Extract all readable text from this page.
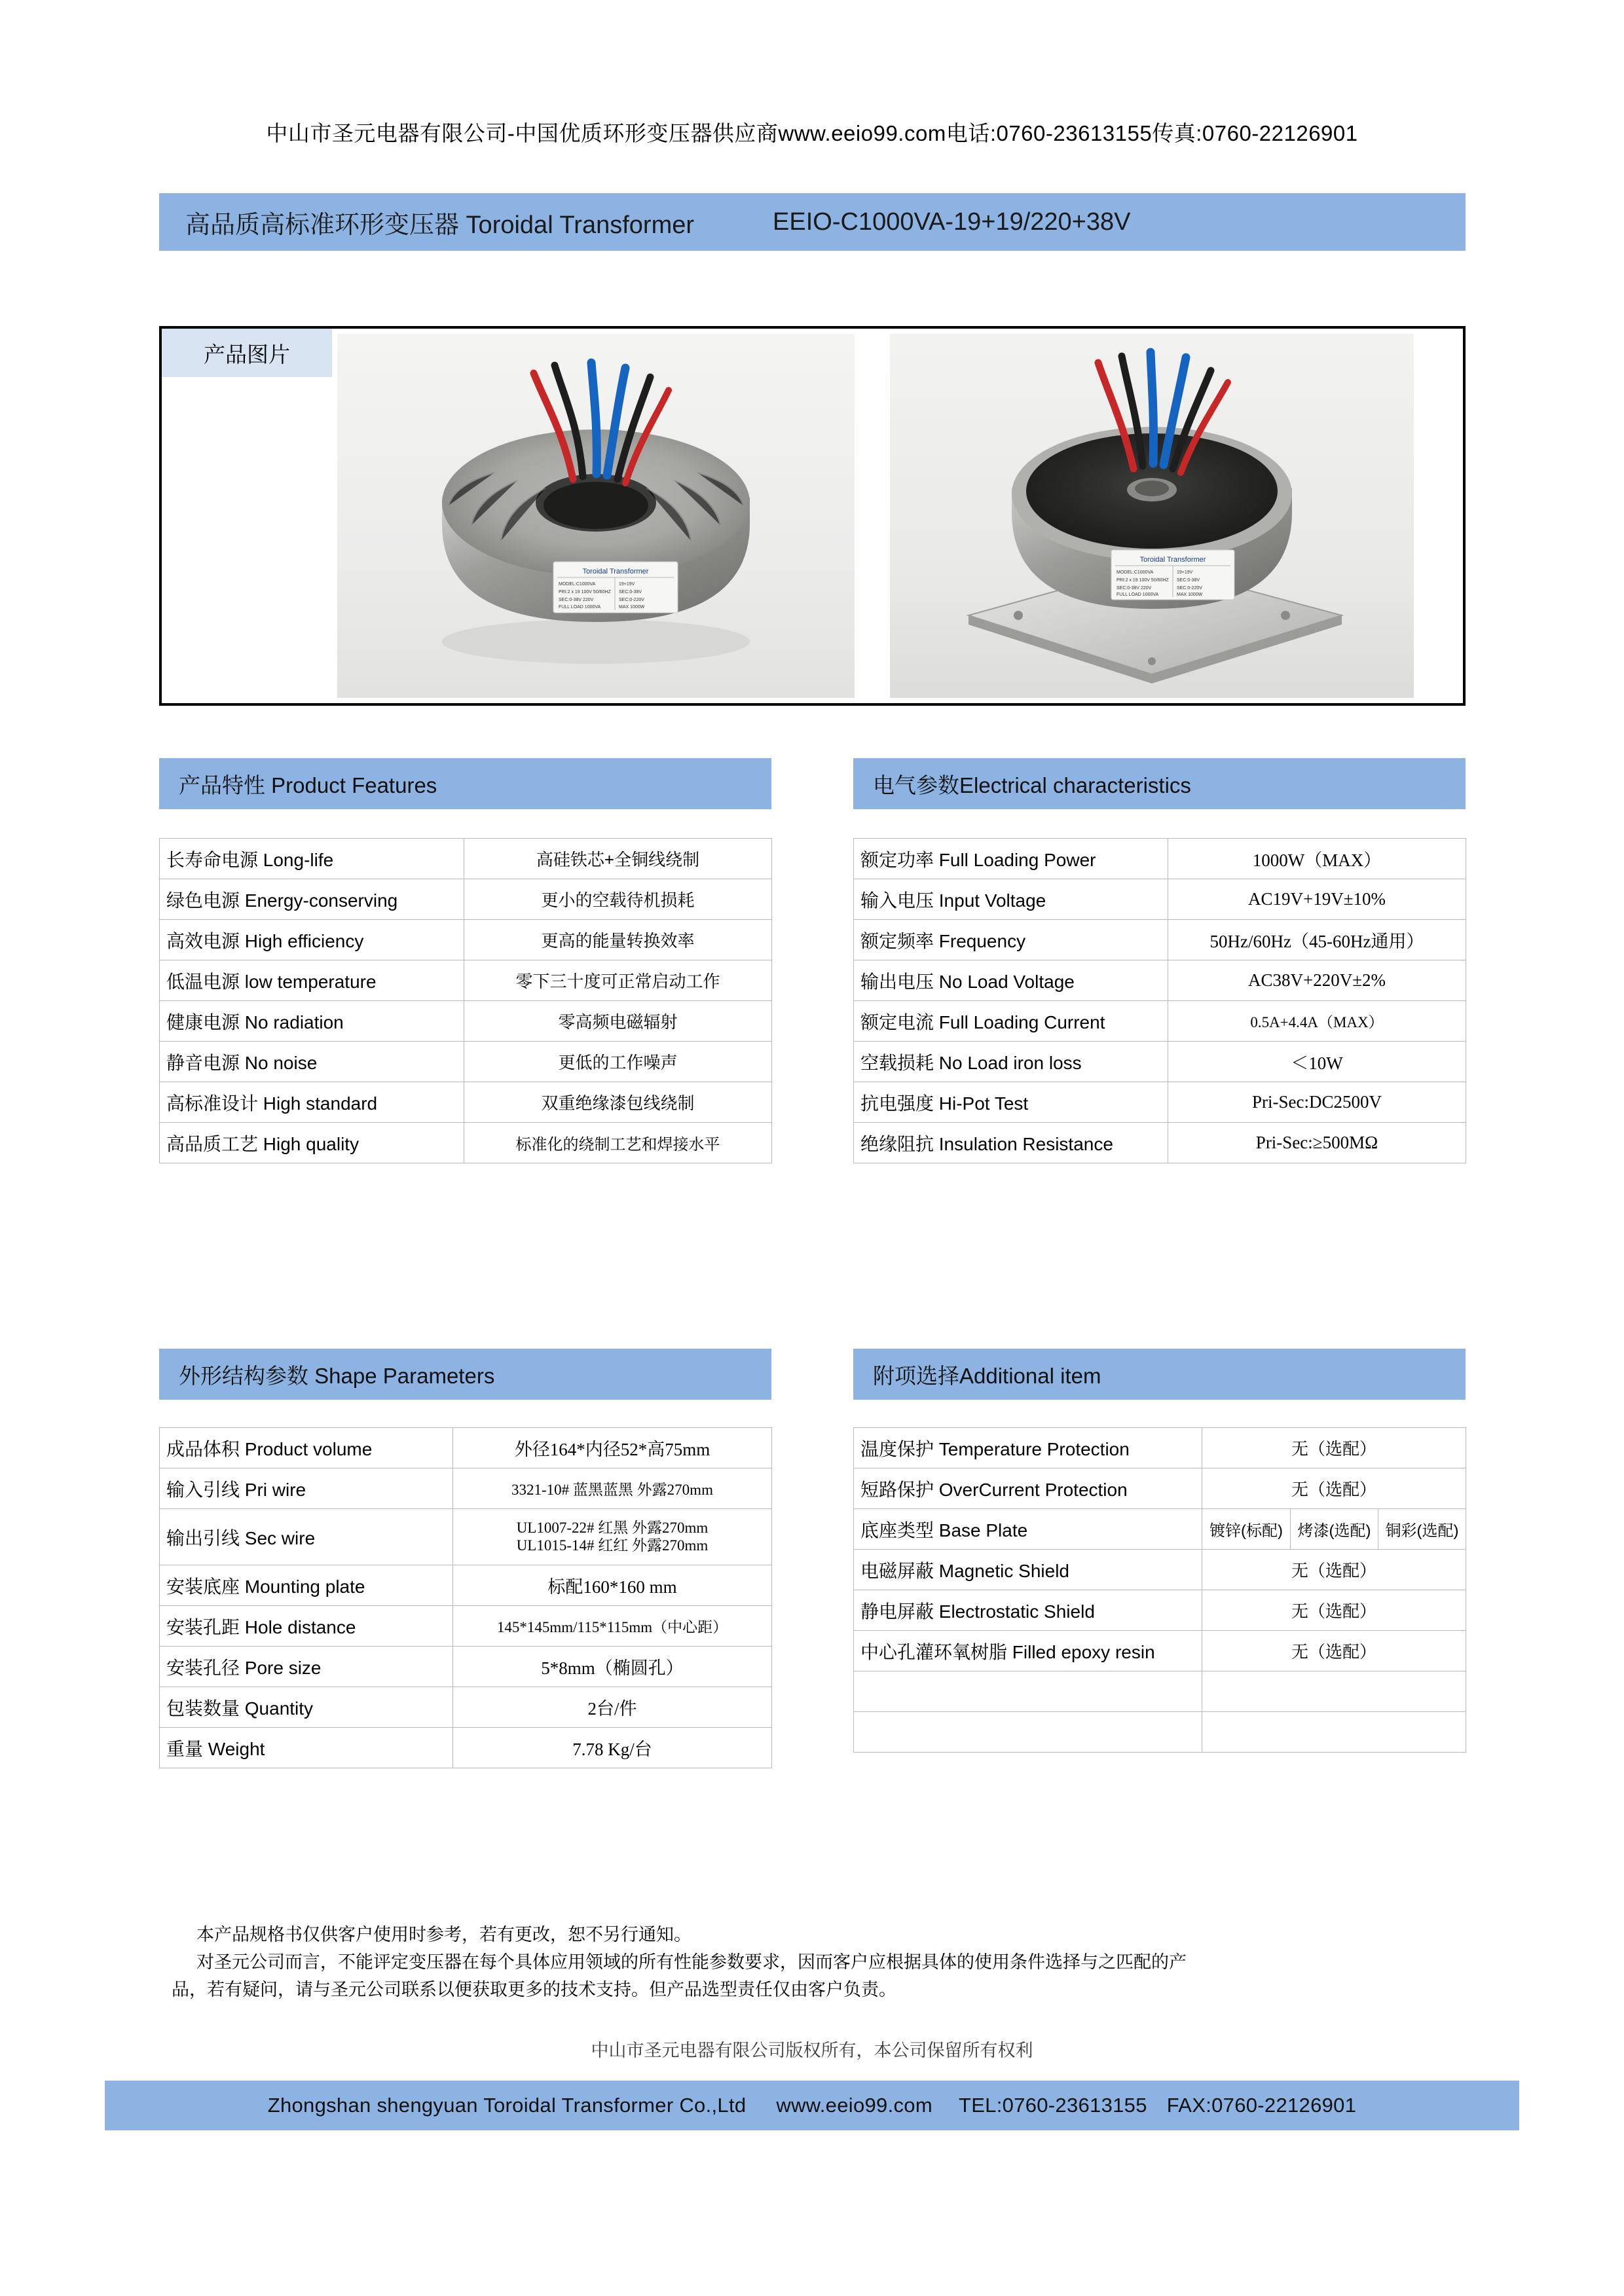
中山市圣元电器有限公司-中国优质环形变压器供应商www.eeio99.com电话:0760-23613155传真:0760-22126901
高品质高标准环形变压器 Toroidal Transformer	EEIO-C1000VA-19+19/220+38V
产品图片
Toroidal Transformer
MODEL:C1000VA	19+19V
PRI:2 x 19 100V 50/60HZ SEC:0-38V
SEC:0-38V 220V	SEC:0-220V
FULL LOAD 1000VA	MAX 1000W
Toroidal Transformer
MODEL:C1000VA	19+19V
PRI:2 x 19 100V 50/60HZ SEC:0-38V
SEC:0-38V 220V	SEC:0-220V
FULL LOAD 1000VA	MAX 1000W
产品特性 Product Features	电气参数Electrical characteristics
长寿命电源 Long-life	高硅铁芯+全铜线绕制
绿色电源 Energy-conserving	更小的空载待机损耗
高效电源 High efficiency	更高的能量转换效率
低温电源 low temperature	零下三十度可正常启动工作
健康电源 No radiation	零高频电磁辐射
静音电源 No noise	更低的工作噪声
高标准设计 High standard	双重绝缘漆包线绕制
高品质工艺 High quality	标准化的绕制工艺和焊接水平
额定功率 Full Loading Power	1000W（MAX）
输入电压 Input Voltage	AC19V+19V±10%
额定频率 Frequency	50Hz/60Hz（45-60Hz通用）
输出电压 No Load Voltage	AC38V+220V±2%
额定电流 Full Loading Current	0.5A+4.4A（MAX）
空载损耗 No Load iron loss	＜10W
抗电强度 Hi-Pot Test	Pri-Sec:DC2500V
绝缘阻抗 Insulation Resistance	Pri-Sec:≥500MΩ
外形结构参数 Shape Parameters	附项选择Additional item
成品体积 Product volume	外径164*内径52*高75mm
输入引线 Pri wire	3321-10# 蓝黑蓝黑 外露270mm
输出引线 Sec wire	UL1007-22# 红黑 外露270mm
UL1015-14# 红红 外露270mm

安装底座 Mounting plate	标配160*160 mm
安装孔距 Hole distance	145*145mm/115*115mm（中心距）
安装孔径 Pore size	5*8mm（椭圆孔）
包装数量 Quantity	2台/件
重量 Weight	7.78 Kg/台
温度保护 Temperature Protection	无（选配）		
短路保护 OverCurrent Protection	无（选配）		
底座类型 Base Plate	镀锌(标配)	烤漆(选配)	铜彩(选配)
电磁屏蔽 Magnetic Shield	无（选配）		
静电屏蔽 Electrostatic Shield	无（选配）		
中心孔灌环氧树脂 Filled epoxy resin	无（选配）		

本产品规格书仅供客户使用时参考，若有更改，恕不另行通知。
对圣元公司而言，不能评定变压器在每个具体应用领域的所有性能参数要求，因而客户应根据具体的使用条件选择与之匹配的产
品，若有疑问，请与圣元公司联系以便获取更多的技术支持。但产品选型责任仅由客户负责。
中山市圣元电器有限公司版权所有，本公司保留所有权利
Zhongshan shengyuan Toroidal Transformer Co.,Ltd www.eeio99.com TEL:0760-23613155 FAX:0760-22126901
